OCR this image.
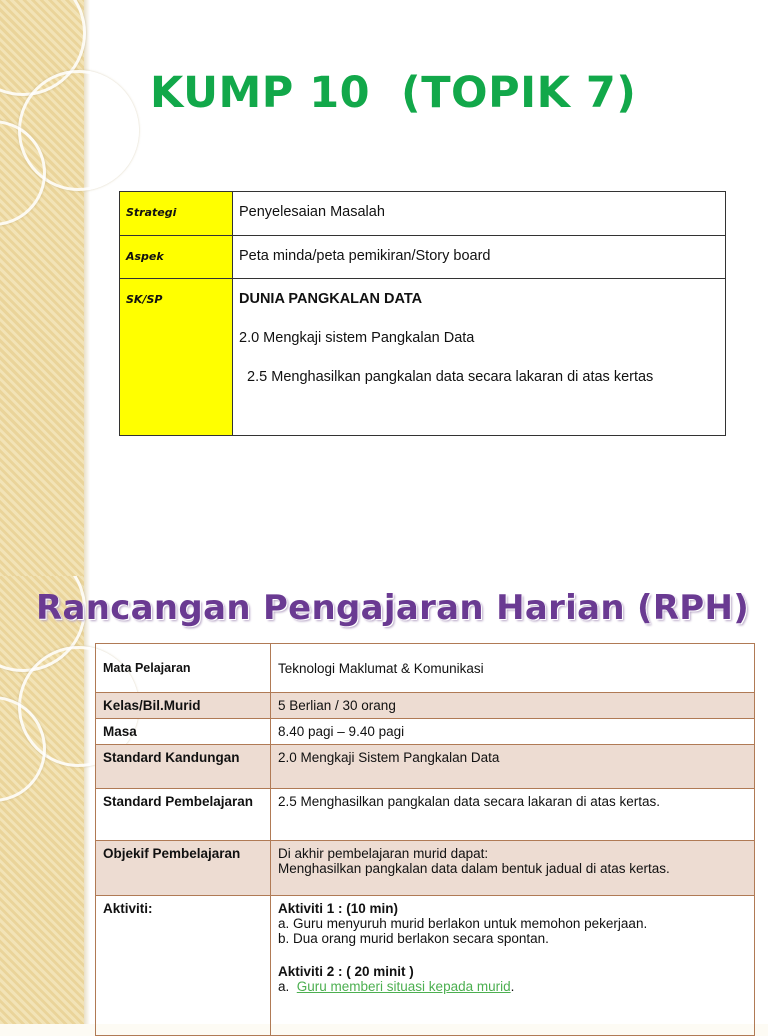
KUMP 10  (TOPIK 7)
Strategi	Penyelesaian Masalah
Aspek	Peta minda/peta pemikiran/Story board
SK/SP	DUNIA PANGKALAN DATA
2.0 Mengkaji sistem Pangkalan Data
2.5 Menghasilkan pangkalan data secara lakaran di atas kertas
Rancangan Pengajaran Harian (RPH)
Mata Pelajaran	Teknologi Maklumat & Komunikasi
Kelas/Bil.Murid	5 Berlian / 30 orang
Masa	8.40 pagi – 9.40 pagi
Standard Kandungan	2.0 Mengkaji Sistem Pangkalan Data
Standard Pembelajaran	2.5 Menghasilkan pangkalan data secara lakaran di atas kertas.
Objekif Pembelajaran	Di akhir pembelajaran murid dapat:
Menghasilkan pangkalan data dalam bentuk jadual di atas kertas.

Aktiviti:	Aktiviti 1 : (10 min)
a. Guru menyuruh murid berlakon untuk memohon pekerjaan.
b. Dua orang murid berlakon secara spontan.
Aktiviti 2 : ( 20 minit )
a.  Guru memberi situasi kepada murid.
